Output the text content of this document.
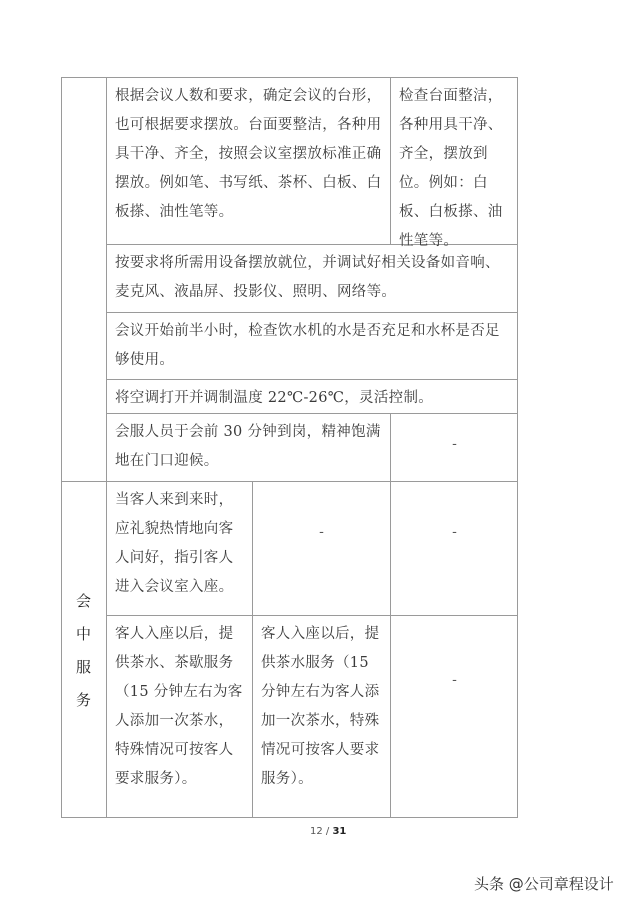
根据会议人数和要求，确定会议的台形，也可根据要求摆放。台面要整洁，各种用具干净、齐全，按照会议室摆放标准正确摆放。例如笔、书写纸、茶杯、白板、白板搽、油性笔等。
检查台面整洁，各种用具干净、齐全，摆放到位。例如：白板、白板搽、油性笔等。
按要求将所需用设备摆放就位，并调试好相关设备如音响、麦克风、液晶屏、投影仪、照明、网络等。
会议开始前半小时，检查饮水机的水是否充足和水杯是否足够使用。
将空调打开并调制温度 22℃-26℃，灵活控制。
会服人员于会前 30 分钟到岗，精神饱满地在门口迎候。
-
会
中
服
务
当客人来到来时，应礼貌热情地向客人问好，指引客人进入会议室入座。
-	-
客人入座以后，提供茶水、茶歇服务（15 分钟左右为客人添加一次茶水，特殊情况可按客人要求服务）。
客人入座以后，提供茶水服务（15 分钟左右为客人添加一次茶水，特殊情况可按客人要求服务）。
-
12 / 31
头条 @公司章程设计
